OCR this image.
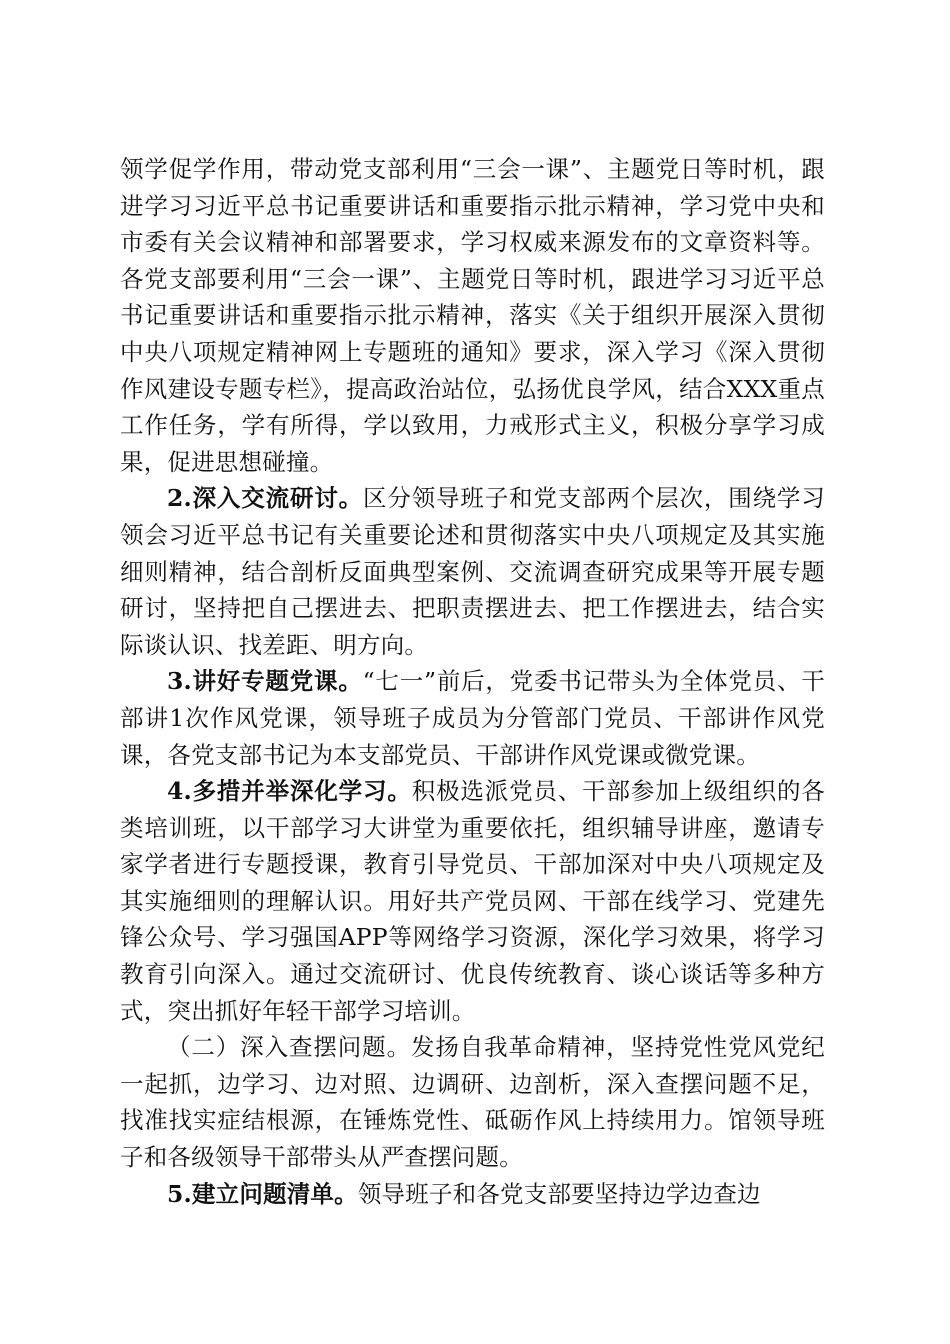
领学促学作用，带动党支部利用“三会一课”、主题党日等时机，跟进学习习近平总书记重要讲话和重要指示批示精神，学习党中央和市委有关会议精神和部署要求，学习权威来源发布的文章资料等。各党支部要利用“三会一课”、主题党日等时机，跟进学习习近平总书记重要讲话和重要指示批示精神，落实《关于组织开展深入贯彻中央八项规定精神网上专题班的通知》要求，深入学习《深入贯彻作风建设专题专栏》，提高政治站位，弘扬优良学风，结合XXX重点工作任务，学有所得，学以致用，力戒形式主义，积极分享学习成果，促进思想碰撞。

2.深入交流研讨。区分领导班子和党支部两个层次，围绕学习领会习近平总书记有关重要论述和贯彻落实中央八项规定及其实施细则精神，结合剖析反面典型案例、交流调查研究成果等开展专题研讨，坚持把自己摆进去、把职责摆进去、把工作摆进去，结合实际谈认识、找差距、明方向。

3.讲好专题党课。“七一”前后，党委书记带头为全体党员、干部讲1次作风党课，领导班子成员为分管部门党员、干部讲作风党课，各党支部书记为本支部党员、干部讲作风党课或微党课。

4.多措并举深化学习。积极选派党员、干部参加上级组织的各类培训班，以干部学习大讲堂为重要依托，组织辅导讲座，邀请专家学者进行专题授课，教育引导党员、干部加深对中央八项规定及其实施细则的理解认识。用好共产党员网、干部在线学习、党建先锋公众号、学习强国APP等网络学习资源，深化学习效果，将学习教育引向深入。通过交流研讨、优良传统教育、谈心谈话等多种方式，突出抓好年轻干部学习培训。

（二）深入查摆问题。发扬自我革命精神，坚持党性党风党纪一起抓，边学习、边对照、边调研、边剖析，深入查摆问题不足，找准找实症结根源，在锤炼党性、砥砺作风上持续用力。馆领导班子和各级领导干部带头从严查摆问题。

5.建立问题清单。领导班子和各党支部要坚持边学边查边
